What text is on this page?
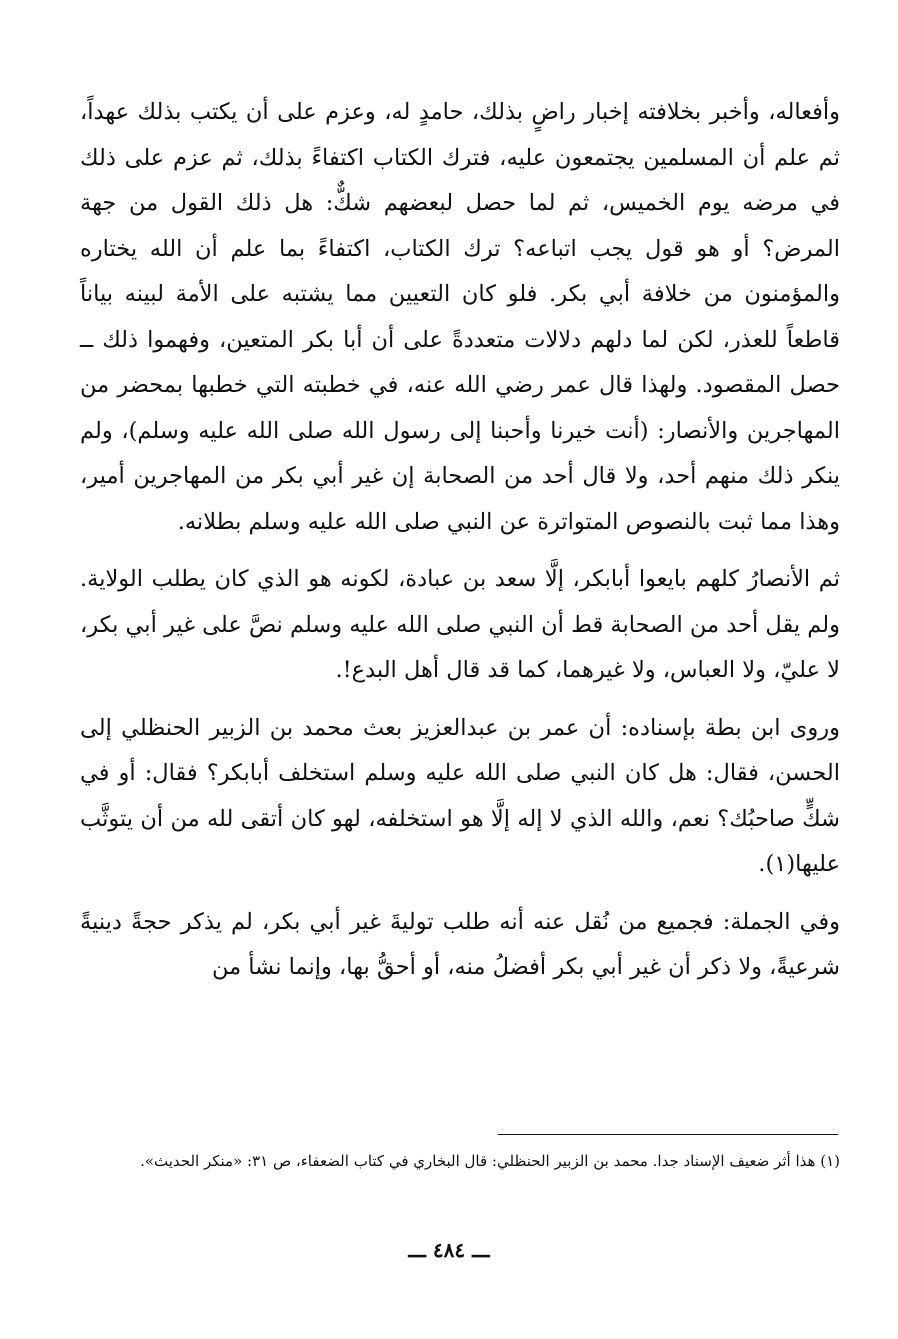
وأفعاله، وأخبر بخلافته إخبار راضٍ بذلك، حامدٍ له، وعزم على أن يكتب بذلك عهداً، ثم علم أن المسلمين يجتمعون عليه، فترك الكتاب اكتفاءً بذلك، ثم عزم على ذلك في مرضه يوم الخميس، ثم لما حصل لبعضهم شكٌّ: هل ذلك القول من جهة المرض؟ أو هو قول يجب اتباعه؟ ترك الكتاب، اكتفاءً بما علم أن الله يختاره والمؤمنون من خلافة أبي بكر. فلو كان التعيين مما يشتبه على الأمة لبينه بياناً قاطعاً للعذر، لكن لما دلهم دلالات متعددةً على أن أبا بكر المتعين، وفهموا ذلك ــ حصل المقصود. ولهذا قال عمر رضي الله عنه، في خطبته التي خطبها بمحضر من المهاجرين والأنصار: (أنت خيرنا وأحبنا إلى رسول الله صلى الله عليه وسلم)، ولم ينكر ذلك منهم أحد، ولا قال أحد من الصحابة إن غير أبي بكر من المهاجرين أمير، وهذا مما ثبت بالنصوص المتواترة عن النبي صلى الله عليه وسلم بطلانه.

ثم الأنصارُ كلهم بايعوا أبابكر، إلَّا سعد بن عبادة، لكونه هو الذي كان يطلب الولاية. ولم يقل أحد من الصحابة قط أن النبي صلى الله عليه وسلم نصَّ على غير أبي بكر، لا عليّ، ولا العباس، ولا غيرهما، كما قد قال أهل البدع!.

وروى ابن بطة بإسناده: أن عمر بن عبدالعزيز بعث محمد بن الزبير الحنظلي إلى الحسن، فقال: هل كان النبي صلى الله عليه وسلم استخلف أبابكر؟ فقال: أو في شكٍّ صاحبُك؟ نعم، والله الذي لا إله إلَّا هو استخلفه، لهو كان أتقى لله من أن يتوثَّب عليها(١).

وفي الجملة: فجميع من نُقل عنه أنه طلب توليةَ غير أبي بكر، لم يذكر حجةً دينيةً شرعيةً، ولا ذكر أن غير أبي بكر أفضلُ منه، أو أحقُّ بها، وإنما نشأ من

(١) هذا أثر ضعيف الإسناد جدا. محمد بن الزبير الحنظلي: قال البخاري في كتاب الضعفاء، ص ٣١: «منكر الحديث».

ـــ ٤٨٤ ـــ
